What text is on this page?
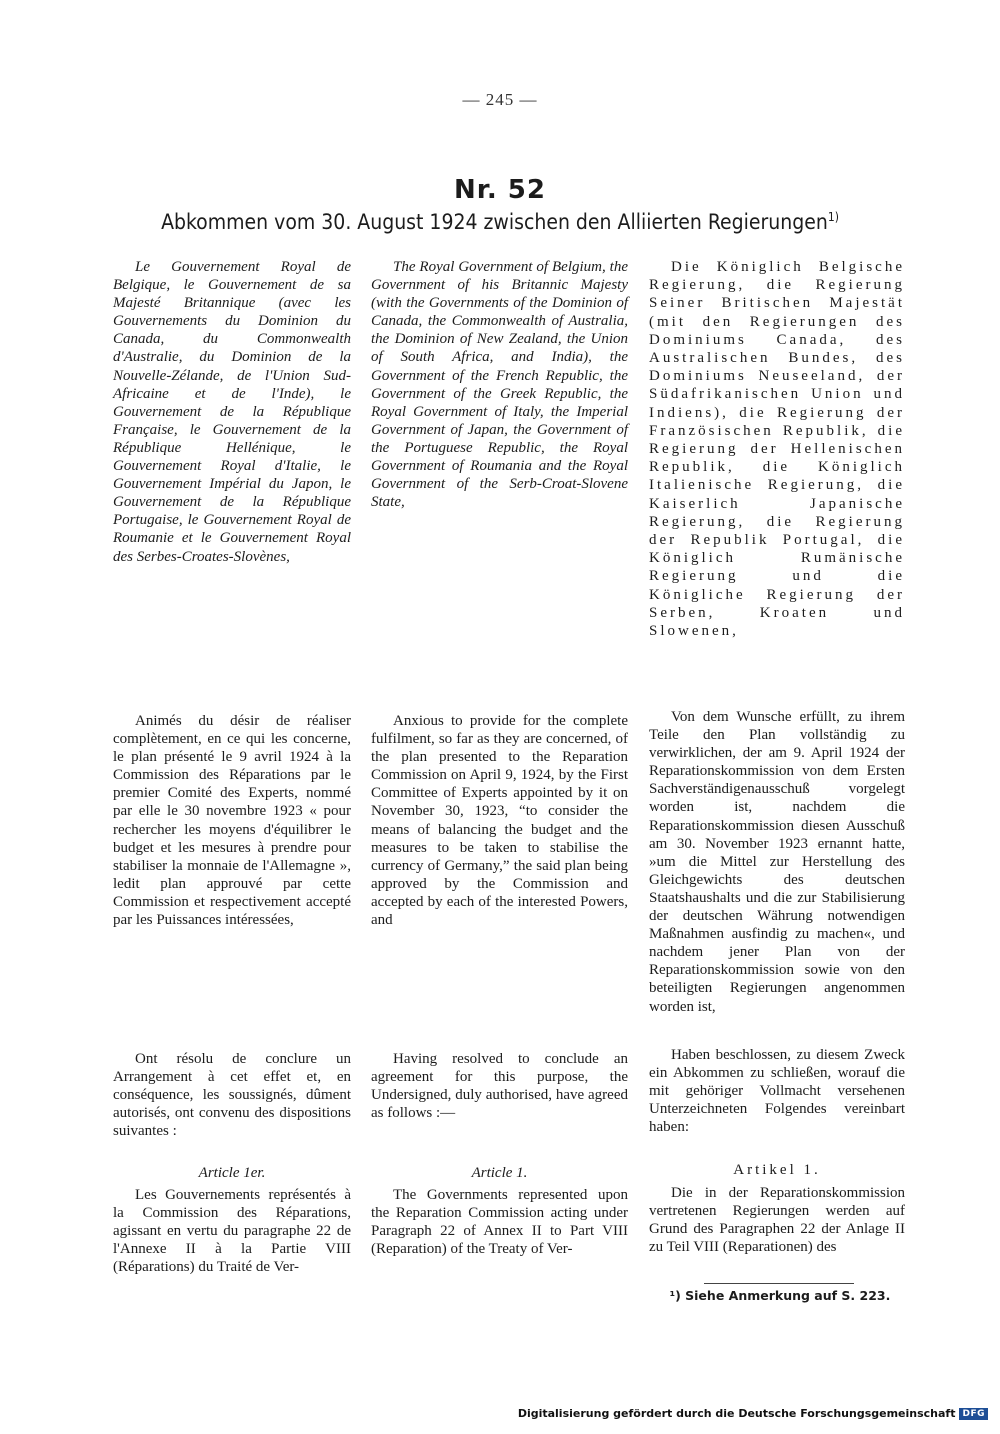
— 245 —
Nr. 52
Abkommen vom 30. August 1924 zwischen den Alliierten Regierungen$^{1)}$

Le Gouvernement Royal de Belgique, le Gouvernement de sa Majesté Britannique (avec les Gouvernements du Dominion du Canada, du Commonwealth d'Australie, du Dominion de la Nouvelle-Zélande, de l'Union Sud-Africaine et de l'Inde), le Gouvernement de la République Française, le Gouvernement de la République Hellénique, le Gouvernement Royal d'Italie, le Gouvernement Impérial du Japon, le Gouvernement de la République Portugaise, le Gouvernement Royal de Roumanie et le Gouvernement Royal des Serbes-Croates-Slovènes,

The Royal Government of Belgium, the Government of his Britannic Majesty (with the Governments of the Dominion of Canada, the Commonwealth of Australia, the Dominion of New Zealand, the Union of South Africa, and India), the Government of the French Republic, the Government of the Greek Republic, the Royal Government of Italy, the Imperial Government of Japan, the Government of the Portuguese Republic, the Royal Government of Roumania and the Royal Government of the Serb-Croat-Slovene State,

Die Königlich Belgische Regierung, die Regierung Seiner Britischen Majestät (mit den Regierungen des Dominiums Canada, des Australischen Bundes, des Dominiums Neuseeland, der Südafrikanischen Union und Indiens), die Regierung der Französischen Republik, die Regierung der Hellenischen Republik, die Königlich Italienische Regierung, die Kaiserlich Japanische Regierung, die Regierung der Republik Portugal, die Königlich Rumänische Regierung und die Königliche Regierung der Serben, Kroaten und Slowenen,

Animés du désir de réaliser complètement, en ce qui les concerne, le plan présenté le 9 avril 1924 à la Commission des Réparations par le premier Comité des Experts, nommé par elle le 30 novembre 1923 « pour rechercher les moyens d'équilibrer le budget et les mesures à prendre pour stabiliser la monnaie de l'Allemagne », ledit plan approuvé par cette Commission et respectivement accepté par les Puissances intéressées,

Anxious to provide for the complete fulfilment, so far as they are concerned, of the plan presented to the Reparation Commission on April 9, 1924, by the First Committee of Experts appointed by it on November 30, 1923, “to consider the means of balancing the budget and the measures to be taken to stabilise the currency of Germany,” the said plan being approved by the Commission and accepted by each of the interested Powers, and

Von dem Wunsche erfüllt, zu ihrem Teile den Plan vollständig zu verwirklichen, der am 9. April 1924 der Reparationskommission von dem Ersten Sachverständigenausschuß vorgelegt worden ist, nachdem die Reparationskommission diesen Ausschuß am 30. November 1923 ernannt hatte, »um die Mittel zur Herstellung des Gleichgewichts des deutschen Staatshaushalts und die zur Stabilisierung der deutschen Währung notwendigen Maßnahmen ausfindig zu machen«, und nachdem jener Plan von der Reparationskommission sowie von den beteiligten Regierungen angenommen worden ist,

Ont résolu de conclure un Arrangement à cet effet et, en conséquence, les soussignés, dûment autorisés, ont convenu des dispositions suivantes :

Having resolved to conclude an agreement for this purpose, the Undersigned, duly authorised, have agreed as follows :—

Haben beschlossen, zu diesem Zweck ein Abkommen zu schließen, worauf die mit gehöriger Vollmacht versehenen Unterzeichneten Folgendes vereinbart haben:

Article 1er.	Article 1.	Artikel 1.

Les Gouvernements représentés à la Commission des Réparations, agissant en vertu du paragraphe 22 de l'Annexe II à la Partie VIII (Réparations) du Traité de Ver-

The Governments represented upon the Reparation Commission acting under Paragraph 22 of Annex II to Part VIII (Reparation) of the Treaty of Ver-

Die in der Reparationskommission vertretenen Regierungen werden auf Grund des Paragraphen 22 der Anlage II zu Teil VIII (Reparationen) des

¹) Siehe Anmerkung auf S. 223.
Digitalisierung gefördert durch die Deutsche Forschungsgemeinschaft DFG
